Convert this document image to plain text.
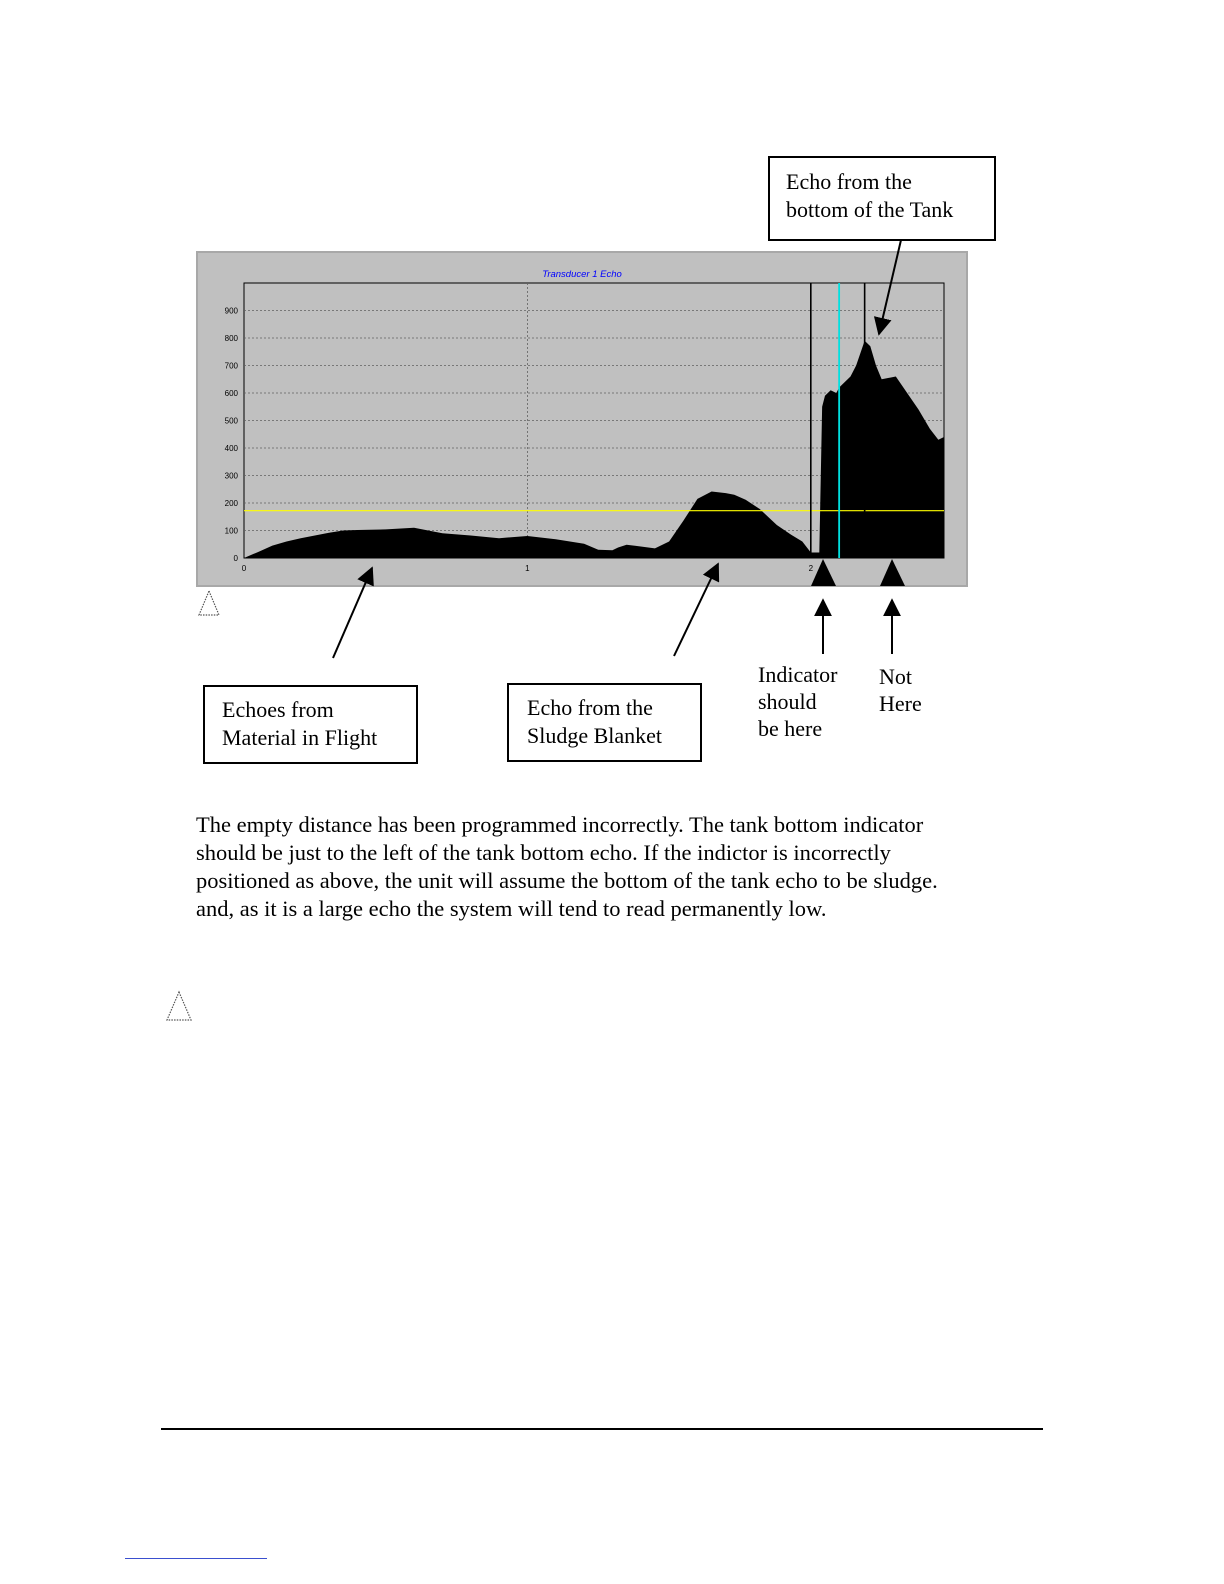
Echo from the
bottom of the Tank
Transducer 1 Echo
0
100
200
300
400
500
600
700
800
900
0	1	2
Echoes from
Material in Flight
Echo from the
Sludge Blanket
Indicator
should
be here
Not
Here
The empty distance has been programmed incorrectly. The tank bottom indicator
should be just to the left of the tank bottom echo. If the indictor is incorrectly
positioned as above, the unit will assume the bottom of the tank echo to be sludge.
and, as it is a large echo the system will tend to read permanently low.
